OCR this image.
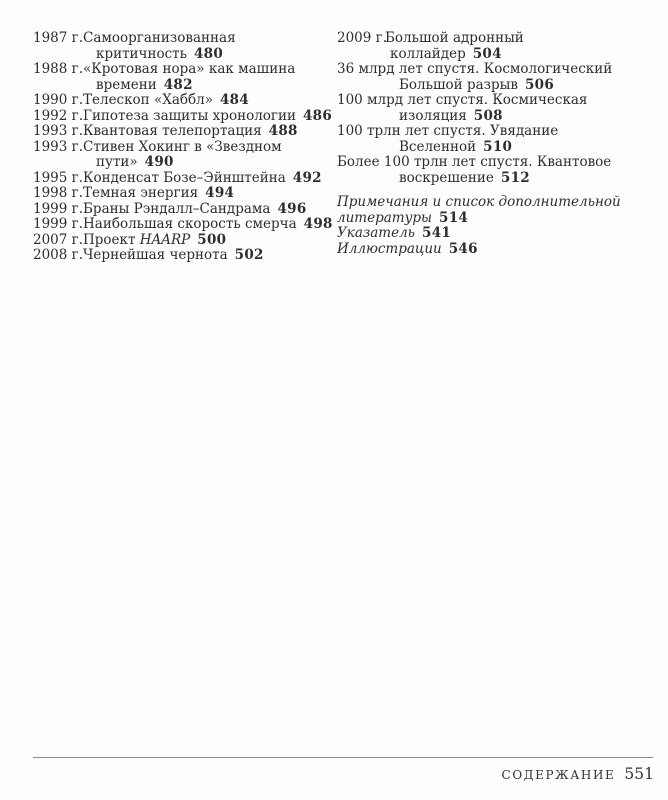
1987 г.Самоорганизованная
критичность 480
1988 г.«Кротовая нора» как машина
времени 482
1990 г.Телескоп «Хаббл» 484
1992 г.Гипотеза защиты хронологии 486
1993 г.Квантовая телепортация 488
1993 г.Стивен Хокинг в «Звездном
пути» 490
1995 г.Конденсат Бозе–Эйнштейна 492
1998 г.Темная энергия 494
1999 г.Браны Рэндалл–Сандрама 496
1999 г.Наибольшая скорость смерча 498
2007 г.Проект HAARP 500
2008 г.Чернейшая чернота 502
2009 г.Большой адронный
коллайдер 504
36 млрд лет спустя. Космологический
Большой разрыв 506
100 млрд лет спустя. Космическая
изоляция 508
100 трлн лет спустя. Увядание
Вселенной 510
Более 100 трлн лет спустя. Квантовое
воскрешение 512
Примечания и список дополнительной
литературы 514
Указатель 541
Иллюстрации 546
СОДЕРЖАНИЕ 551
